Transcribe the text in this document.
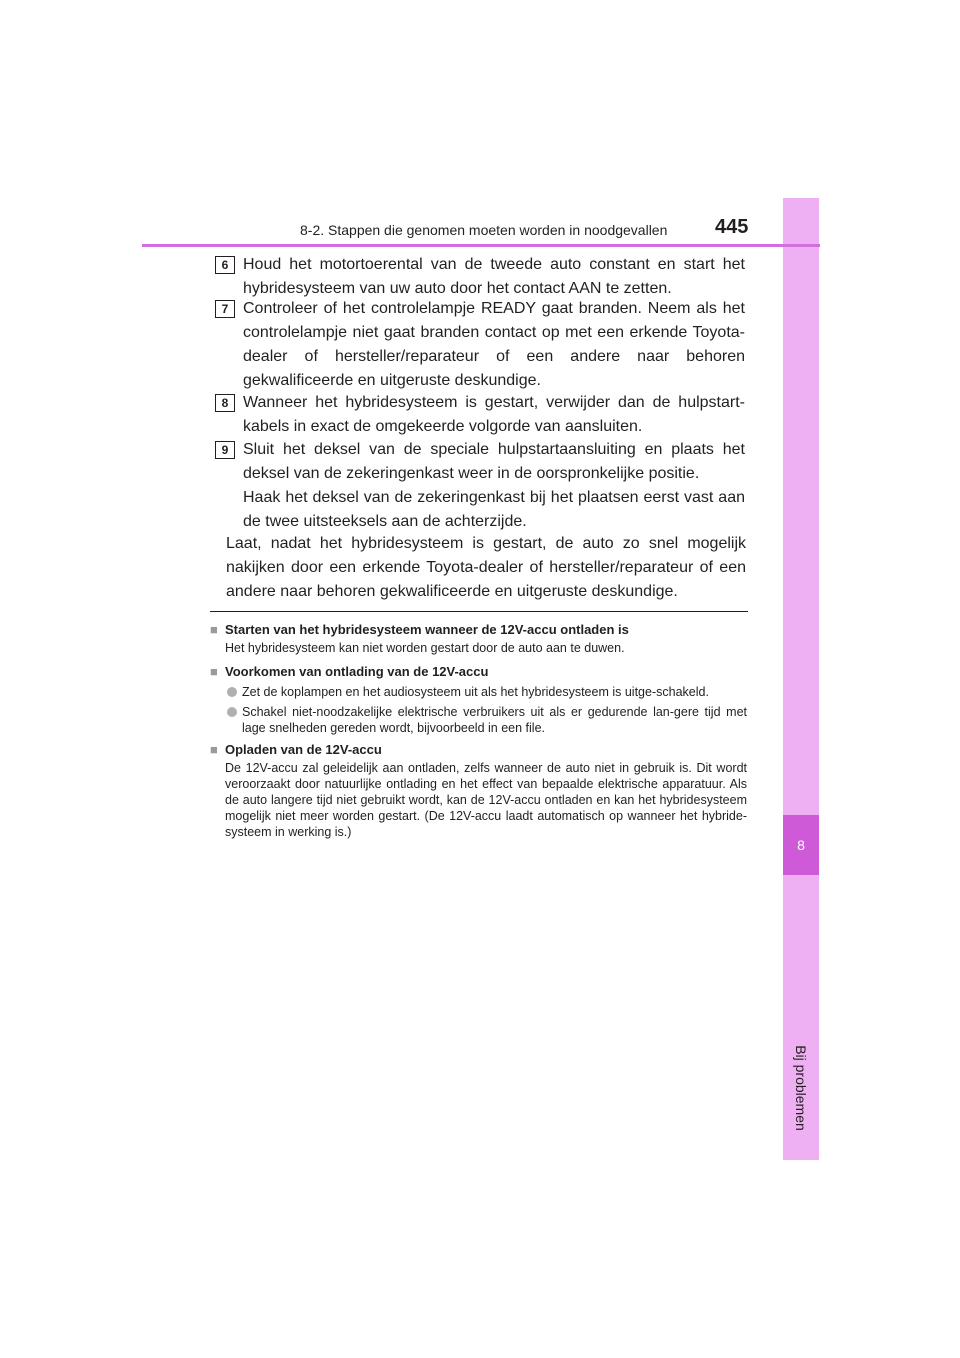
8
Bij problemen
8-2. Stappen die genomen moeten worden in noodgevallen 445
6 Houd het motortoerental van de tweede auto constant en start het hybridesysteem van uw auto door het contact AAN te zetten.

7 Controleer of het controlelampje READY gaat branden. Neem als het controlelampje niet gaat branden contact op met een erkende Toyota-dealer of hersteller/reparateur of een andere naar behoren gekwalificeerde en uitgeruste deskundige.

8 Wanneer het hybridesysteem is gestart, verwijder dan de hulpstart-kabels in exact de omgekeerde volgorde van aansluiten.

9 Sluit het deksel van de speciale hulpstartaansluiting en plaats het deksel van de zekeringenkast weer in de oorspronkelijke positie.

Haak het deksel van de zekeringenkast bij het plaatsen eerst vast aan de twee uitsteeksels aan de achterzijde.

Laat, nadat het hybridesysteem is gestart, de auto zo snel mogelijk nakijken door een erkende Toyota-dealer of hersteller/reparateur of een andere naar behoren gekwalificeerde en uitgeruste deskundige.

■ Starten van het hybridesysteem wanneer de 12V-accu ontladen is

Het hybridesysteem kan niet worden gestart door de auto aan te duwen.

■ Voorkomen van ontlading van de 12V-accu

Zet de koplampen en het audiosysteem uit als het hybridesysteem is uitge-schakeld.
Schakel niet-noodzakelijke elektrische verbruikers uit als er gedurende lan-gere tijd met lage snelheden gereden wordt, bijvoorbeeld in een file.

■ Opladen van de 12V-accu

De 12V-accu zal geleidelijk aan ontladen, zelfs wanneer de auto niet in gebruik is. Dit wordt veroorzaakt door natuurlijke ontlading en het effect van bepaalde elektrische apparatuur. Als de auto langere tijd niet gebruikt wordt, kan de 12V-accu ontladen en kan het hybridesysteem mogelijk niet meer worden gestart. (De 12V-accu laadt automatisch op wanneer het hybride-systeem in werking is.)
